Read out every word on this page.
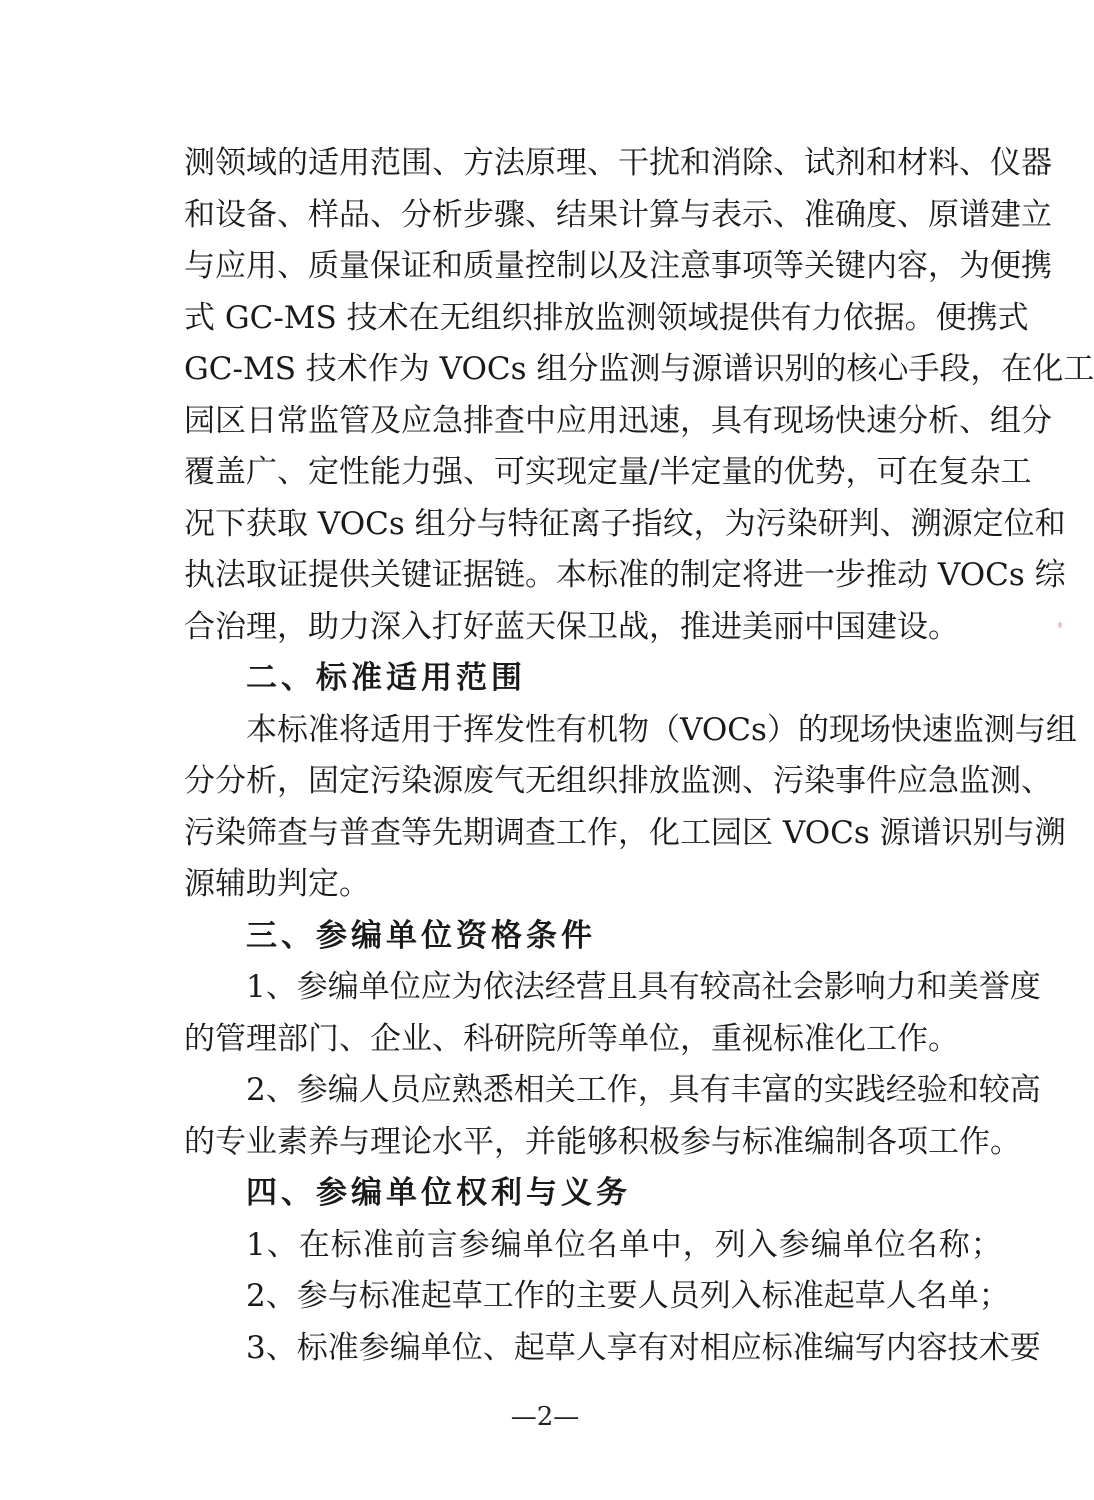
测领域的适用范围、方法原理、干扰和消除、试剂和材料、仪器
和设备、样品、分析步骤、结果计算与表示、准确度、原谱建立
与应用、质量保证和质量控制以及注意事项等关键内容，为便携
式 GC-MS 技术在无组织排放监测领域提供有力依据。便携式
GC-MS 技术作为 VOCs 组分监测与源谱识别的核心手段，在化工
园区日常监管及应急排查中应用迅速，具有现场快速分析、组分
覆盖广、定性能力强、可实现定量/半定量的优势，可在复杂工
况下获取 VOCs 组分与特征离子指纹，为污染研判、溯源定位和
执法取证提供关键证据链。本标准的制定将进一步推动 VOCs 综
合治理，助力深入打好蓝天保卫战，推进美丽中国建设。
二、标准适用范围
本标准将适用于挥发性有机物（VOCs）的现场快速监测与组
分分析，固定污染源废气无组织排放监测、污染事件应急监测、
污染筛查与普查等先期调查工作，化工园区 VOCs 源谱识别与溯
源辅助判定。
三、参编单位资格条件
1、参编单位应为依法经营且具有较高社会影响力和美誉度
的管理部门、企业、科研院所等单位，重视标准化工作。
2、参编人员应熟悉相关工作，具有丰富的实践经验和较高
的专业素养与理论水平，并能够积极参与标准编制各项工作。
四、参编单位权利与义务
1、在标准前言参编单位名单中，列入参编单位名称；
2、参与标准起草工作的主要人员列入标准起草人名单；
3、标准参编单位、起草人享有对相应标准编写内容技术要
—2—
